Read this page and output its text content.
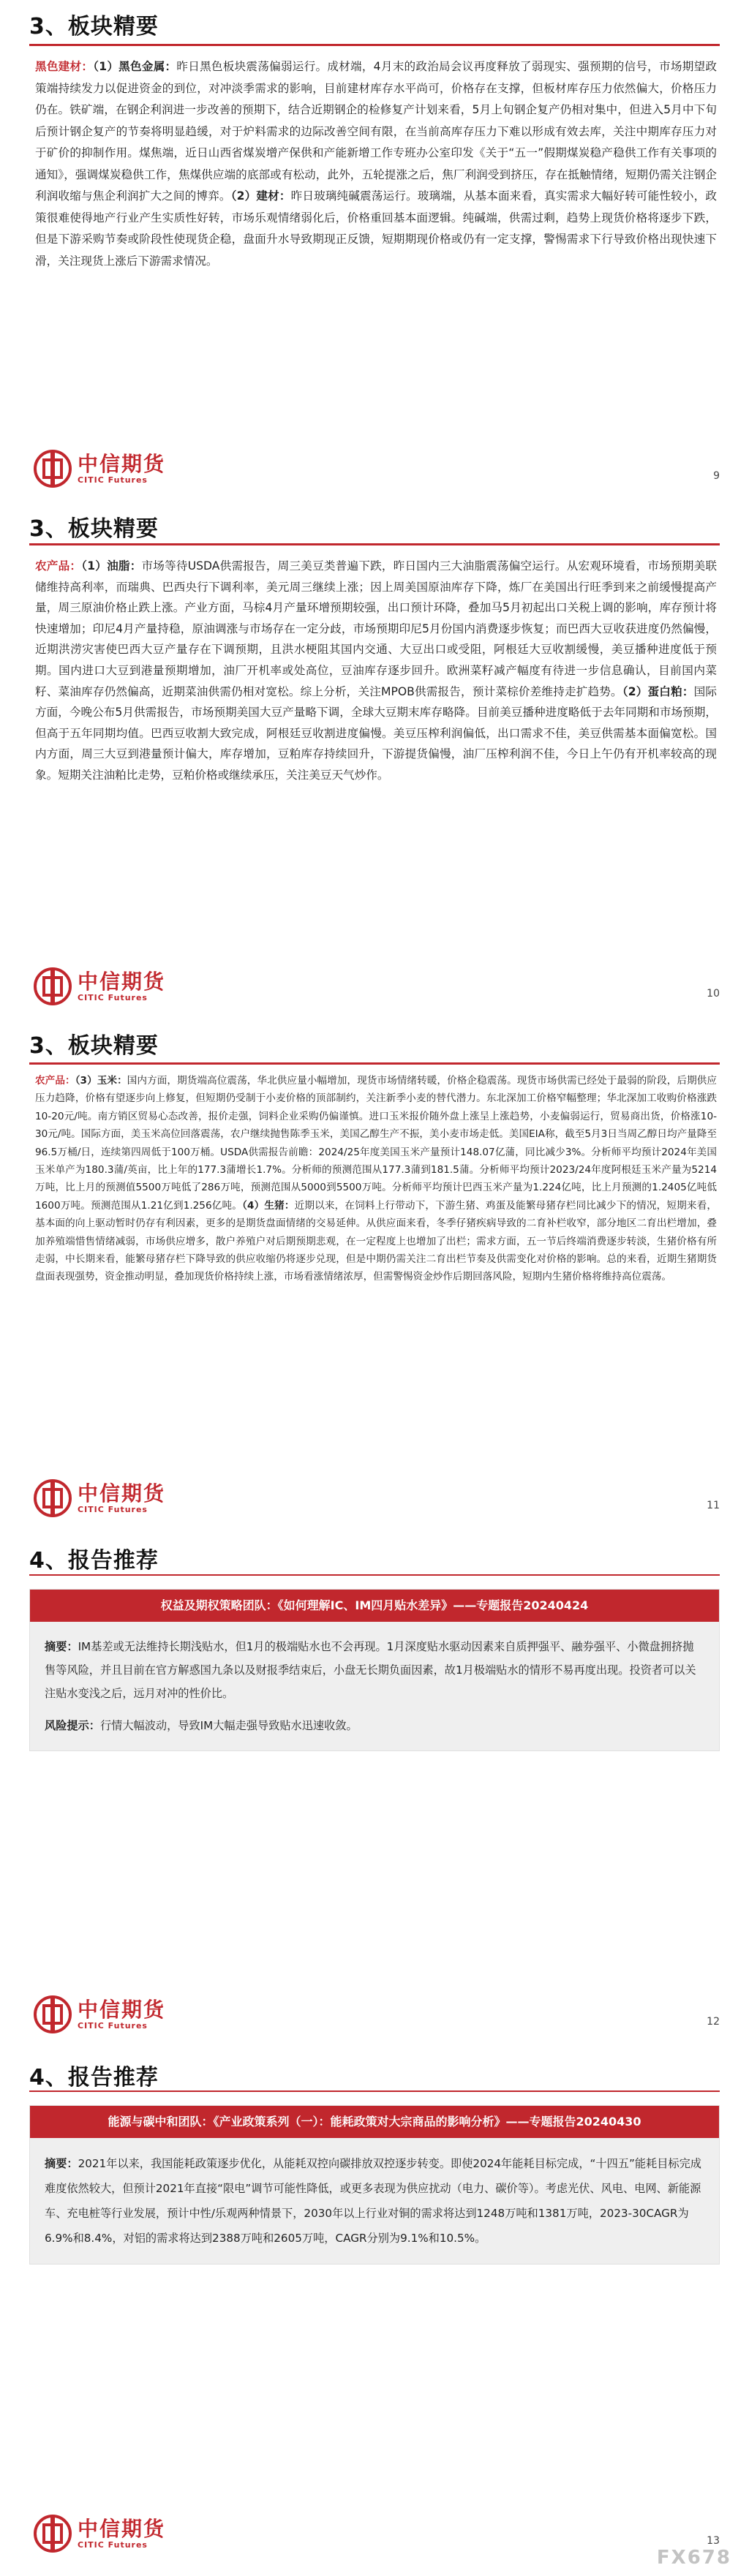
3、板块精要

黑色建材：（1）黑色金属：昨日黑色板块震荡偏弱运行。成材端，4月末的政治局会议再度释放了弱现实、强预期的信号，市场期望政策端持续发力以促进资金的到位，对冲淡季需求的影响，目前建材库存水平尚可，价格存在支撑，但板材库存压力依然偏大，价格压力仍在。铁矿端，在钢企利润进一步改善的预期下，结合近期钢企的检修复产计划来看，5月上旬钢企复产仍相对集中，但进入5月中下旬后预计钢企复产的节奏将明显趋缓，对于炉料需求的边际改善空间有限，在当前高库存压力下难以形成有效去库，关注中期库存压力对于矿价的抑制作用。煤焦端，近日山西省煤炭增产保供和产能新增工作专班办公室印发《关于“五一”假期煤炭稳产稳供工作有关事项的通知》，强调煤炭稳供工作，焦煤供应端的底部或有松动，此外，五轮提涨之后，焦厂利润受到挤压，存在抵触情绪，短期仍需关注钢企利润收缩与焦企利润扩大之间的博弈。（2）建材：昨日玻璃纯碱震荡运行。玻璃端，从基本面来看，真实需求大幅好转可能性较小，政策很难使得地产行业产生实质性好转，市场乐观情绪弱化后，价格重回基本面逻辑。纯碱端，供需过剩，趋势上现货价格将逐步下跌，但是下游采购节奏或阶段性使现货企稳，盘面升水导致期现正反馈，短期期现价格或仍有一定支撑，警惕需求下行导致价格出现快速下滑，关注现货上涨后下游需求情况。

中信期货
CITIC Futures	9
3、板块精要

农产品：（1）油脂：市场等待USDA供需报告，周三美豆类普遍下跌，昨日国内三大油脂震荡偏空运行。从宏观环境看，市场预期美联储维持高利率，而瑞典、巴西央行下调利率，美元周三继续上涨；因上周美国原油库存下降，炼厂在美国出行旺季到来之前缓慢提高产量，周三原油价格止跌上涨。产业方面，马棕4月产量环增预期较强，出口预计环降，叠加马5月初起出口关税上调的影响，库存预计将快速增加；印尼4月产量持稳，原油调涨与市场存在一定分歧，市场预期印尼5月份国内消费逐步恢复；而巴西大豆收获进度仍然偏慢，近期洪涝灾害使巴西大豆产量存在下调预期，且洪水梗阻其国内交通、大豆出口或受阻，阿根廷大豆收割缓慢，美豆播种进度低于预期。国内进口大豆到港量预期增加，油厂开机率或处高位，豆油库存逐步回升。欧洲菜籽减产幅度有待进一步信息确认，目前国内菜籽、菜油库存仍然偏高，近期菜油供需仍相对宽松。综上分析，关注MPOB供需报告，预计菜棕价差维持走扩趋势。（2）蛋白粕：国际方面，今晚公布5月供需报告，市场预期美国大豆产量略下调，全球大豆期末库存略降。目前美豆播种进度略低于去年同期和市场预期，但高于五年同期均值。巴西豆收割大致完成，阿根廷豆收割进度偏慢。美豆压榨利润偏低，出口需求不佳，美豆供需基本面偏宽松。国内方面，周三大豆到港量预计偏大，库存增加，豆粕库存持续回升，下游提货偏慢，油厂压榨利润不佳，今日上午仍有开机率较高的现象。短期关注油粕比走势，豆粕价格或继续承压，关注美豆天气炒作。

中信期货
CITIC Futures	10
3、板块精要

农产品：（3）玉米：国内方面，期货端高位震荡，华北供应量小幅增加，现货市场情绪转暖，价格企稳震荡。现货市场供需已经处于最弱的阶段，后期供应压力趋降，价格有望逐步向上修复，但短期仍受制于小麦价格的顶部制约，关注新季小麦的替代潜力。东北深加工价格窄幅整理；华北深加工收购价格涨跌10-20元/吨。南方销区贸易心态改善，报价走强，饲料企业采购仍偏谨慎。进口玉米报价随外盘上涨呈上涨趋势，小麦偏弱运行，贸易商出货，价格涨10-30元/吨。国际方面，美玉米高位回落震荡，农户继续抛售陈季玉米，美国乙醇生产不振，美小麦市场走低。美国EIA称，截至5月3日当周乙醇日均产量降至96.5万桶/日，连续第四周低于100万桶。USDA供需报告前瞻：2024/25年度美国玉米产量预计148.07亿蒲，同比减少3%。分析师平均预计2024年美国玉米单产为180.3蒲/英亩，比上年的177.3蒲增长1.7%。分析师的预测范围从177.3蒲到181.5蒲。分析师平均预计2023/24年度阿根廷玉米产量为5214万吨，比上月的预测值5500万吨低了286万吨，预测范围从5000到5500万吨。分析师平均预计巴西玉米产量为1.224亿吨，比上月预测的1.2405亿吨低1600万吨。预测范围从1.21亿到1.256亿吨。（4）生猪：近期以来，在饲料上行带动下，下游生猪、鸡蛋及能繁母猪存栏同比减少下的情况，短期来看，基本面的向上驱动暂时仍存有利因素，更多的是期货盘面情绪的交易延伸。从供应面来看，冬季仔猪疾病导致的二育补栏收窄，部分地区二育出栏增加，叠加养殖端惜售情绪减弱，市场供应增多，散户养殖户对后期预期悲观，在一定程度上也增加了出栏；需求方面，五一节后终端消费逐步转淡，生猪价格有所走弱，中长期来看，能繁母猪存栏下降导致的供应收缩仍将逐步兑现，但是中期仍需关注二育出栏节奏及供需变化对价格的影响。总的来看，近期生猪期货盘面表现强势，资金推动明显，叠加现货价格持续上涨，市场看涨情绪浓厚，但需警惕资金炒作后期回落风险，短期内生猪价格将维持高位震荡。

中信期货
CITIC Futures	11
4、报告推荐
权益及期权策略团队：《如何理解IC、IM四月贴水差异》——专题报告20240424

摘要：IM基差或无法维持长期浅贴水，但1月的极端贴水也不会再现。1月深度贴水驱动因素来自质押强平、融券强平、小微盘拥挤抛售等风险，并且目前在官方解惑国九条以及财报季结束后，小盘无长期负面因素，故1月极端贴水的情形不易再度出现。投资者可以关注贴水变浅之后，远月对冲的性价比。

风险提示：行情大幅波动，导致IM大幅走强导致贴水迅速收敛。

中信期货
CITIC Futures	12
4、报告推荐
能源与碳中和团队：《产业政策系列（一）：能耗政策对大宗商品的影响分析》——专题报告20240430

摘要：2021年以来，我国能耗政策逐步优化，从能耗双控向碳排放双控逐步转变。即使2024年能耗目标完成，“十四五”能耗目标完成难度依然较大，但预计2021年直接“限电”调节可能性降低，或更多表现为供应扰动（电力、碳价等）。考虑光伏、风电、电网、新能源车、充电桩等行业发展，预计中性/乐观两种情景下，2030年以上行业对铜的需求将达到1248万吨和1381万吨，2023-30CAGR为6.9%和8.4%，对铝的需求将达到2388万吨和2605万吨，CAGR分别为9.1%和10.5%。

中信期货
CITIC Futures	13
FX678
